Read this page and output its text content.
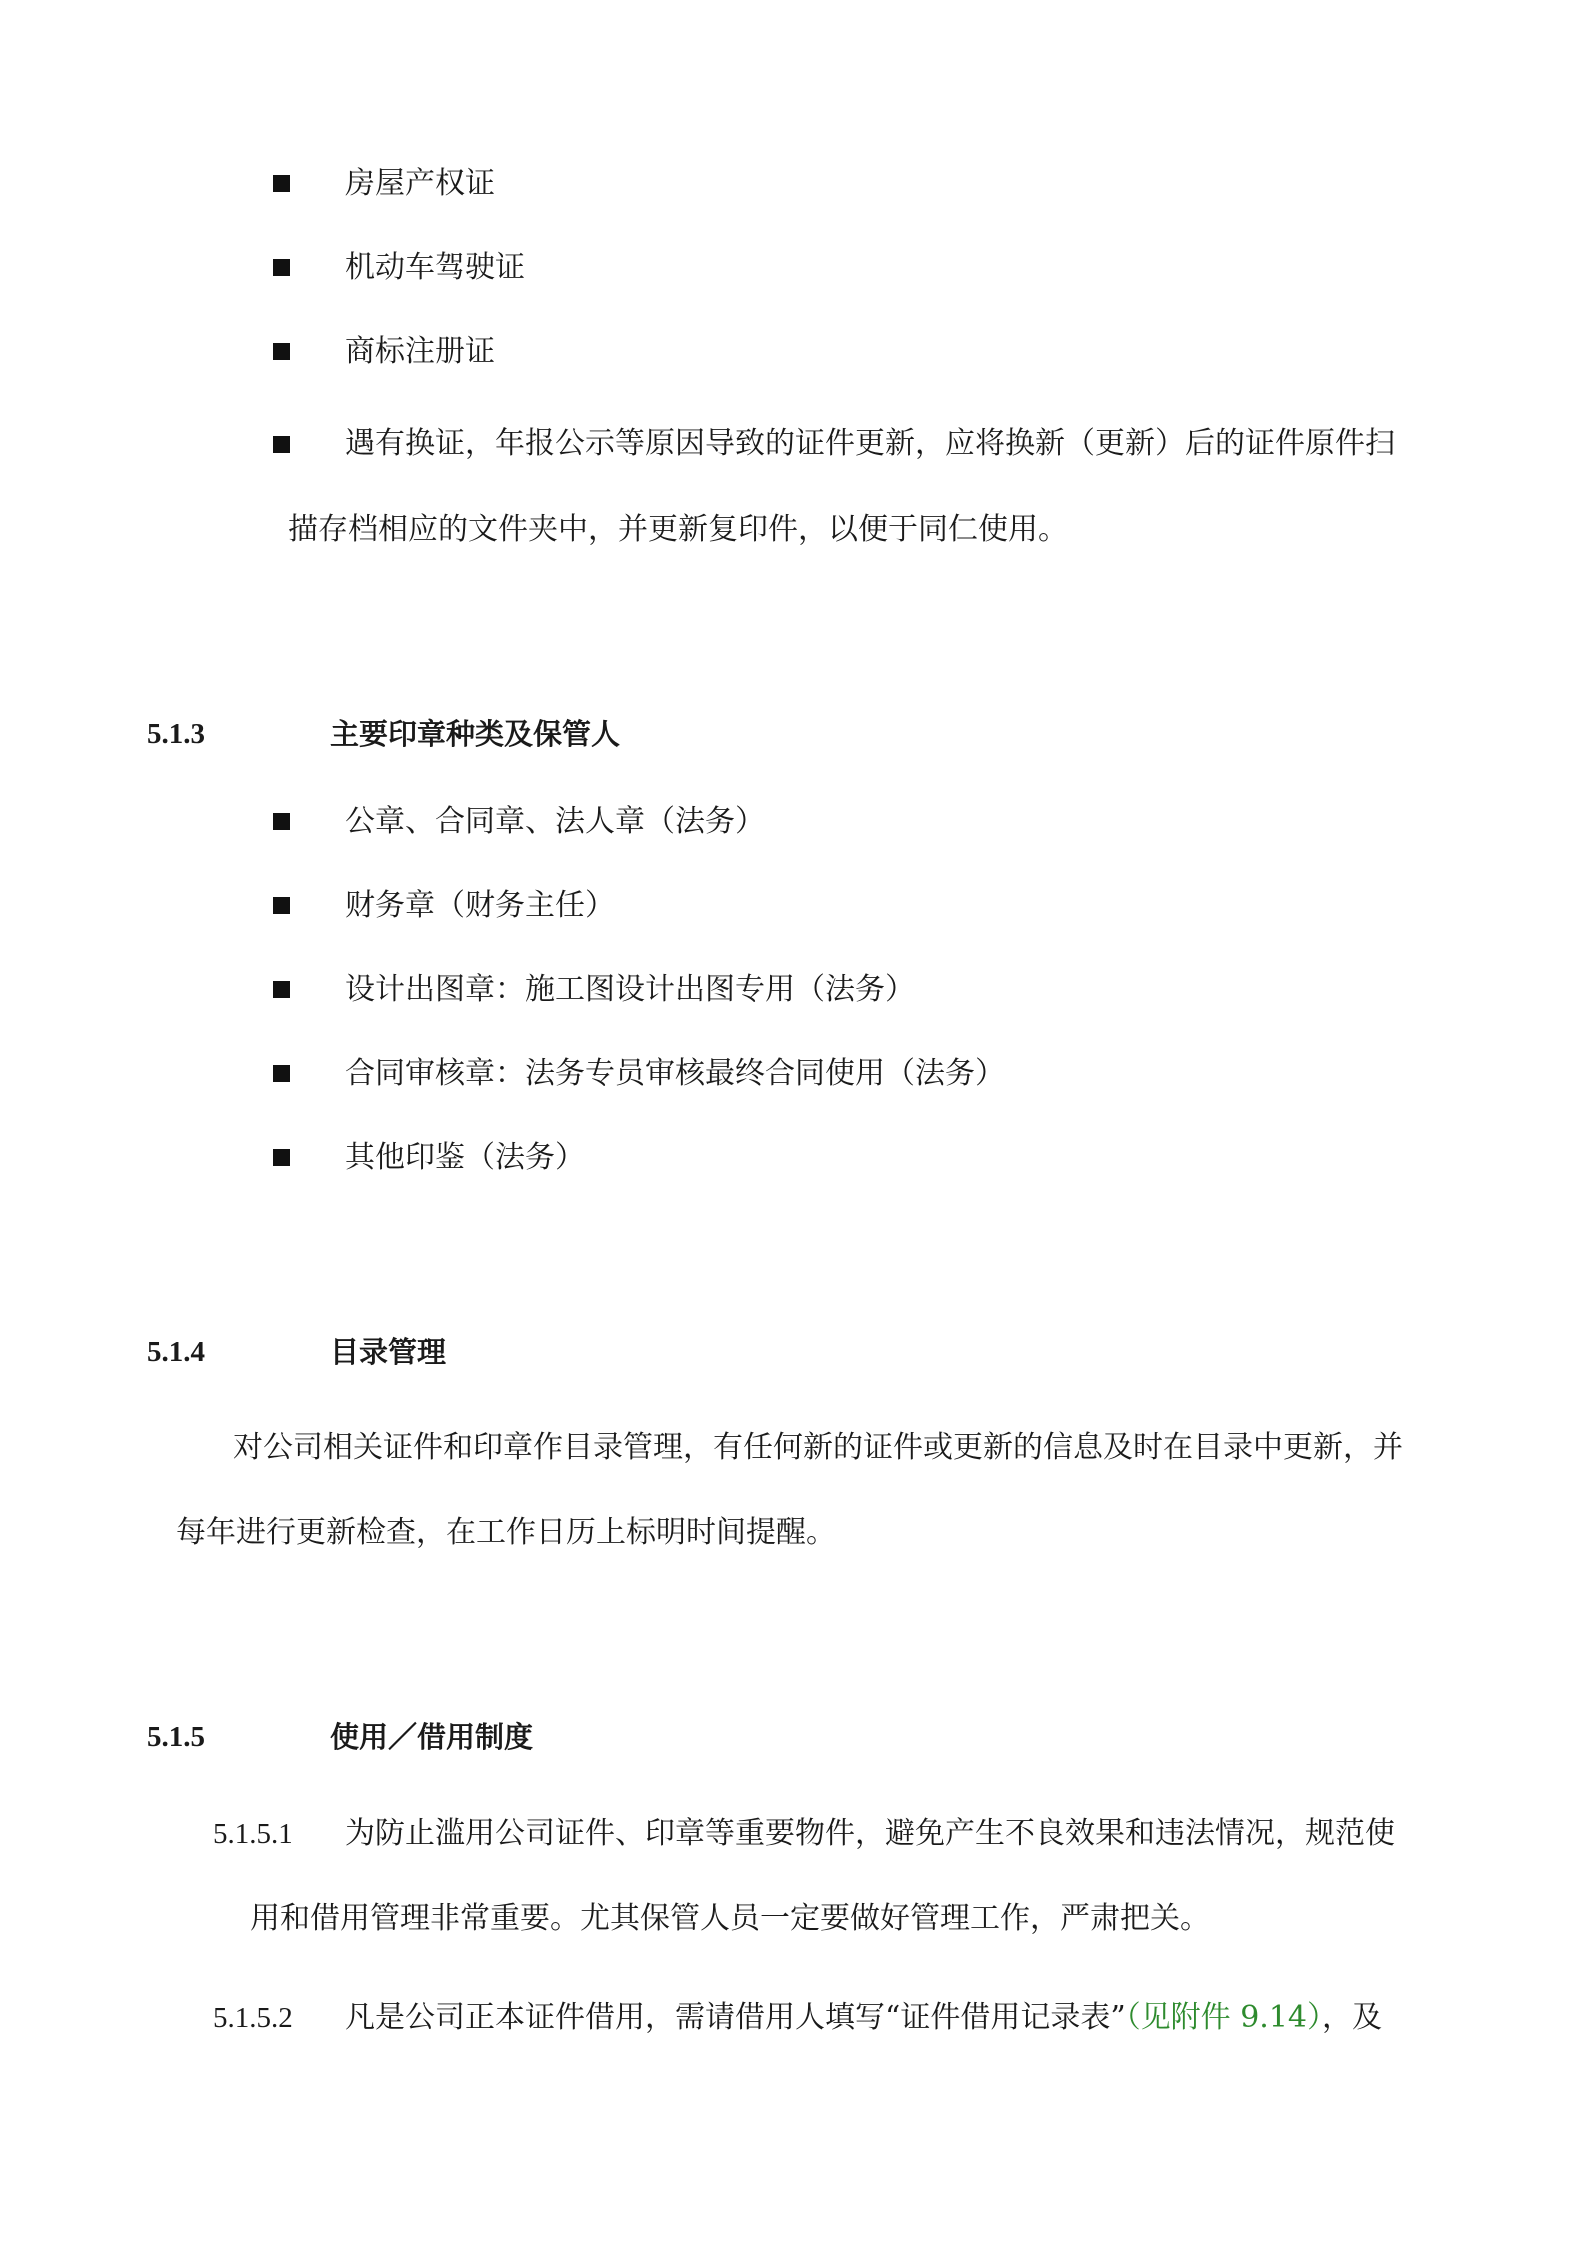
房屋产权证
机动车驾驶证
商标注册证
遇有换证，年报公示等原因导致的证件更新，应将换新（更新）后的证件原件扫
描存档相应的文件夹中，并更新复印件，以便于同仁使用。
5.1.3	主要印章种类及保管人
公章、合同章、法人章（法务）
财务章（财务主任）
设计出图章：施工图设计出图专用（法务）
合同审核章：法务专员审核最终合同使用（法务）
其他印鉴（法务）
5.1.4	目录管理
对公司相关证件和印章作目录管理，有任何新的证件或更新的信息及时在目录中更新，并
每年进行更新检查，在工作日历上标明时间提醒。
5.1.5	使用／借用制度
5.1.5.1 为防止滥用公司证件、印章等重要物件，避免产生不良效果和违法情况，规范使
用和借用管理非常重要。尤其保管人员一定要做好管理工作，严肃把关。
5.1.5.2 凡是公司正本证件借用，需请借用人填写“证件借用记录表”（见附件 9.14），及
